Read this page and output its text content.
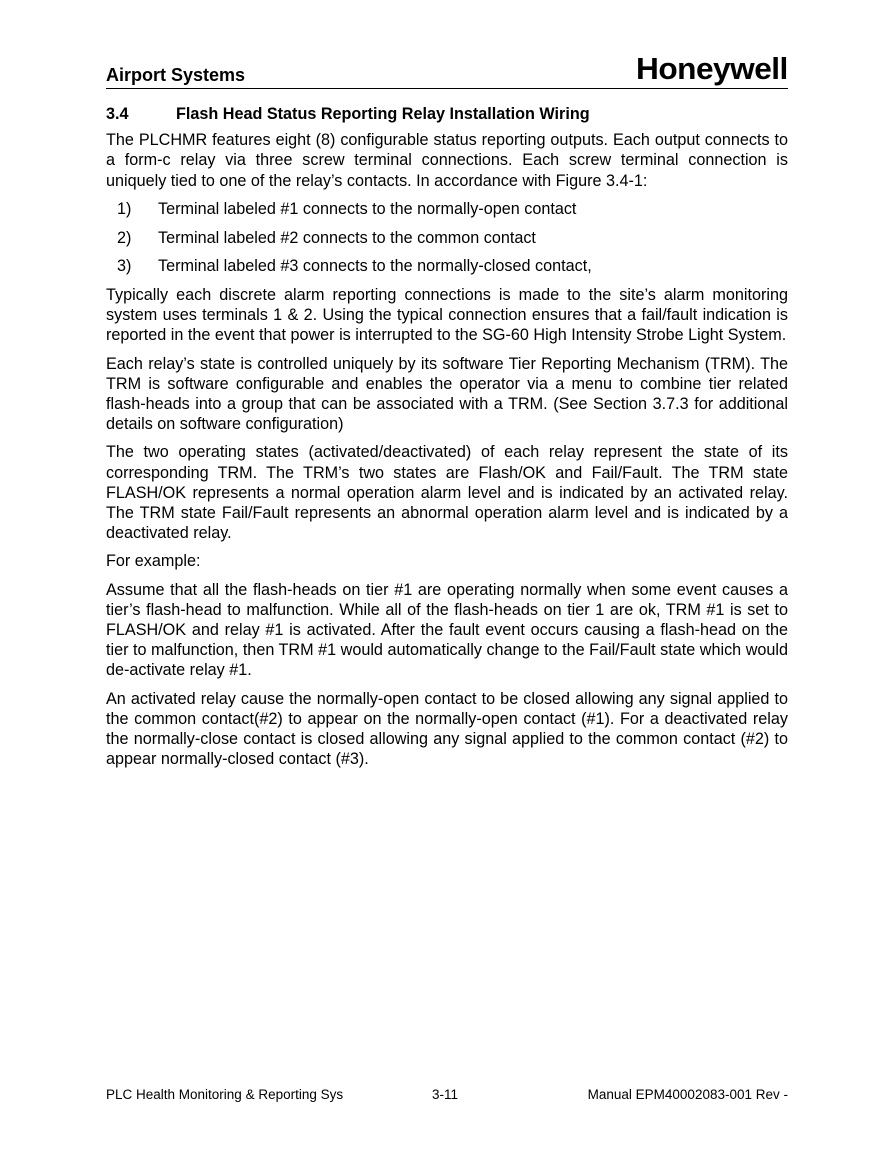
Airport Systems	Honeywell
3.4	Flash Head Status Reporting Relay Installation Wiring

The PLCHMR features eight (8) configurable status reporting outputs. Each output connects to a form-c relay via three screw terminal connections. Each screw terminal connection is uniquely tied to one of the relay’s contacts. In accordance with Figure 3.4-1:

1)	Terminal labeled #1 connects to the normally-open contact
2)	Terminal labeled #2 connects to the common contact
3)	Terminal labeled #3 connects to the normally-closed contact,

Typically each discrete alarm reporting connections is made to the site’s alarm monitoring system uses terminals 1 & 2. Using the typical connection ensures that a fail/fault indication is reported in the event that power is interrupted to the SG-60 High Intensity Strobe Light System.

Each relay’s state is controlled uniquely by its software Tier Reporting Mechanism (TRM). The TRM is software configurable and enables the operator via a menu to combine tier related flash-heads into a group that can be associated with a TRM. (See Section 3.7.3 for additional details on software configuration)

The two operating states (activated/deactivated) of each relay represent the state of its corresponding TRM. The TRM’s two states are Flash/OK and Fail/Fault. The TRM state FLASH/OK represents a normal operation alarm level and is indicated by an activated relay. The TRM state Fail/Fault represents an abnormal operation alarm level and is indicated by a deactivated relay.

For example:

Assume that all the flash-heads on tier #1 are operating normally when some event causes a tier’s flash-head to malfunction. While all of the flash-heads on tier 1 are ok, TRM #1 is set to FLASH/OK and relay #1 is activated. After the fault event occurs causing a flash-head on the tier to malfunction, then TRM #1 would automatically change to the Fail/Fault state which would de-activate relay #1.

An activated relay cause the normally-open contact to be closed allowing any signal applied to the common contact(#2) to appear on the normally-open contact (#1). For a deactivated relay the normally-close contact is closed allowing any signal applied to the common contact (#2) to appear normally-closed contact (#3).

PLC Health Monitoring & Reporting Sys	3-11	Manual EPM40002083-001 Rev -
